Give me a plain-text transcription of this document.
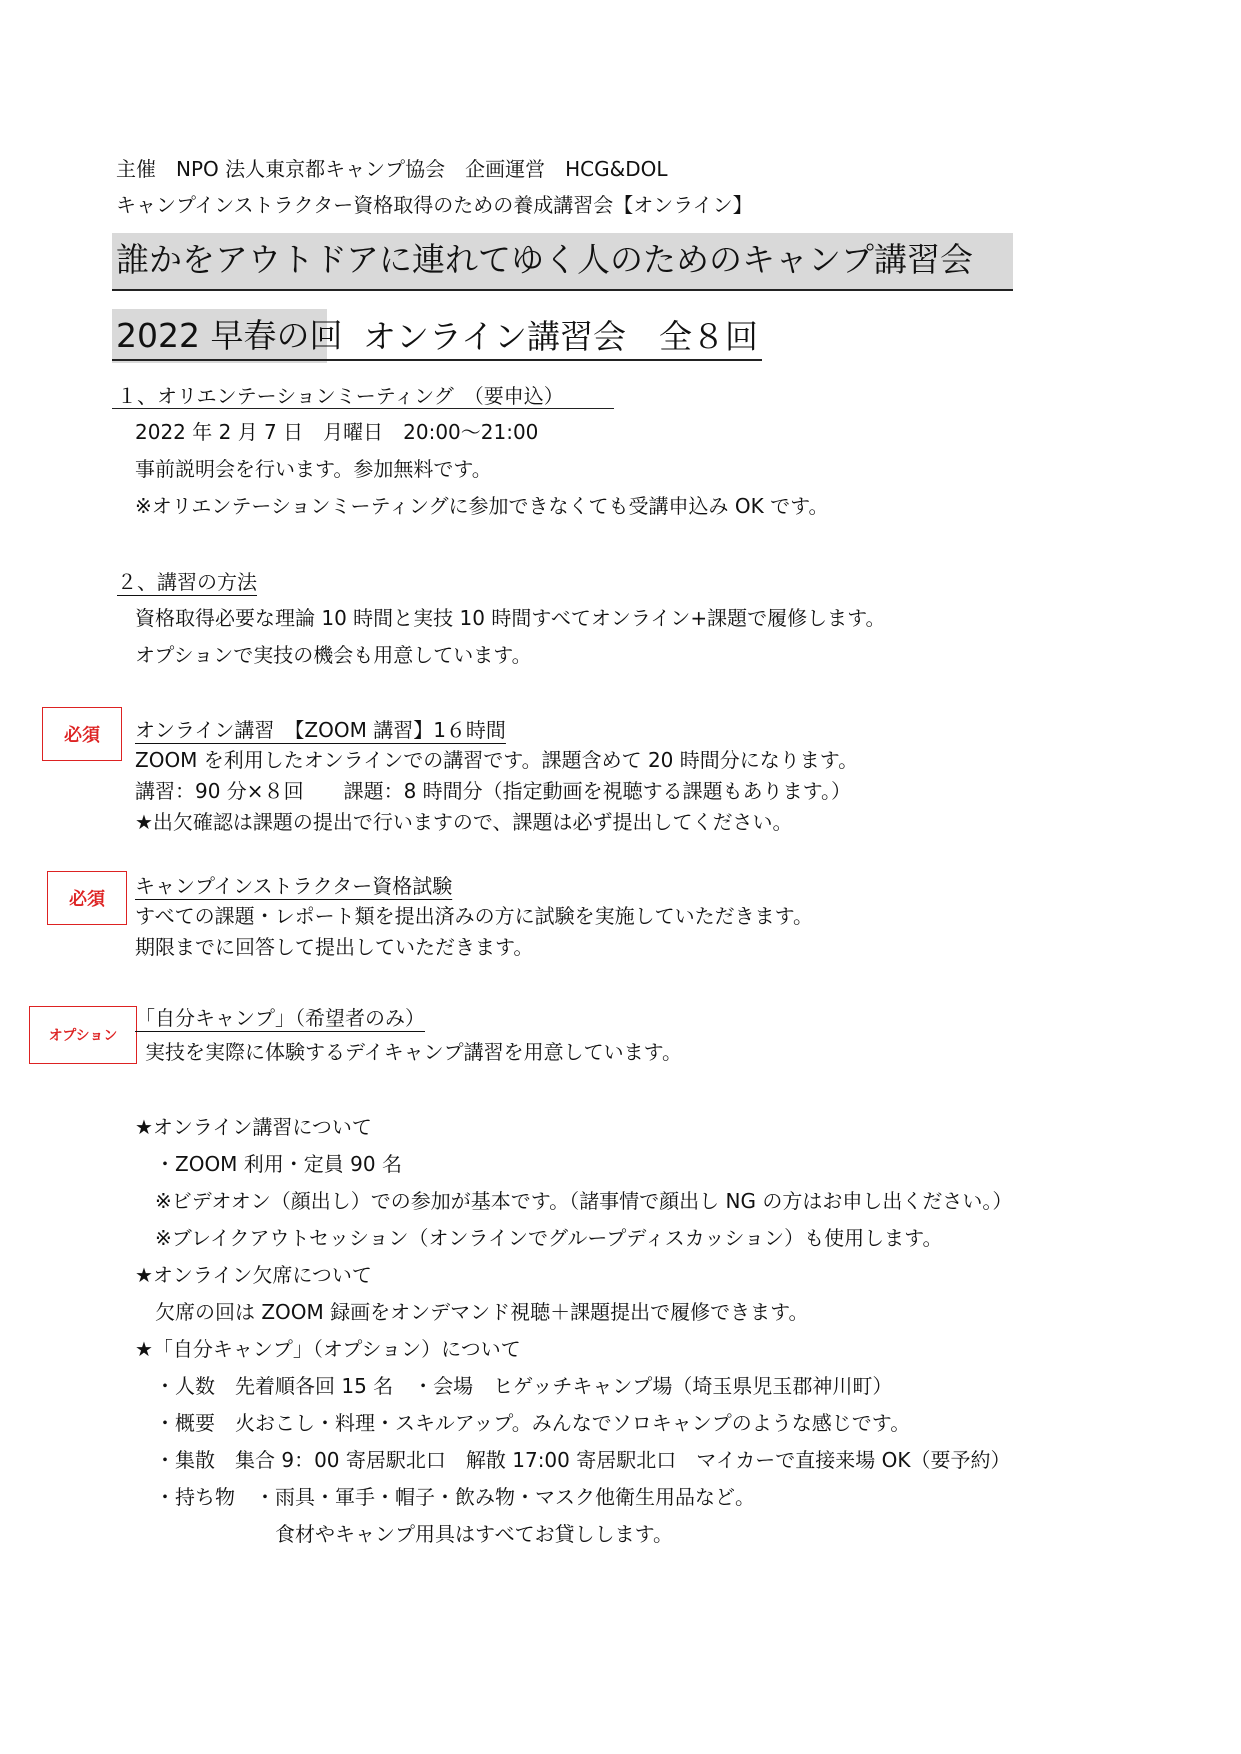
主催　NPO 法人東京都キャンプ協会　企画運営　HCG&DOL
キャンプインストラクター資格取得のための養成講習会【オンライン】
誰かをアウトドアに連れてゆく人のためのキャンプ講習会
2022 早春の回
　オンライン講習会　全８回
１、オリエンテーションミーティング　（要申込）
2022 年 2 月 7 日　月曜日　20:00～21:00
事前説明会を行います。参加無料です。
※オリエンテーションミーティングに参加できなくても受講申込み OK です。
２、講習の方法
資格取得必要な理論 10 時間と実技 10 時間すべてオンライン+課題で履修します。
オプションで実技の機会も用意しています。
必須	オンライン講習　【ZOOM 講習】1６時間
ZOOM を利用したオンラインでの講習です。課題含めて 20 時間分になります。
講習：90 分×８回　　課題：8 時間分（指定動画を視聴する課題もあります。）
★出欠確認は課題の提出で行いますので、課題は必ず提出してください。
必須
キャンプインストラクター資格試験
すべての課題・レポート類を提出済みの方に試験を実施していただきます。
期限までに回答して提出していただきます。
オプション
「自分キャンプ」（希望者のみ）
実技を実際に体験するデイキャンプ講習を用意しています。
★オンライン講習について
　・ZOOM 利用・定員 90 名
　※ビデオオン（顔出し）での参加が基本です。（諸事情で顔出し NG の方はお申し出ください。）
　※ブレイクアウトセッション（オンラインでグループディスカッション）も使用します。
★オンライン欠席について
　欠席の回は ZOOM 録画をオンデマンド視聴＋課題提出で履修できます。
★「自分キャンプ」（オプション）について
　・人数　先着順各回 15 名　・会場　ヒゲッチキャンプ場（埼玉県児玉郡神川町）
　・概要　火おこし・料理・スキルアップ。みんなでソロキャンプのような感じです。
　・集散　集合 9：00 寄居駅北口　解散 17:00 寄居駅北口　マイカーで直接来場 OK（要予約）
　・持ち物　・雨具・軍手・帽子・飲み物・マスク他衛生用品など。
　　　　　　　食材やキャンプ用具はすべてお貸しします。
